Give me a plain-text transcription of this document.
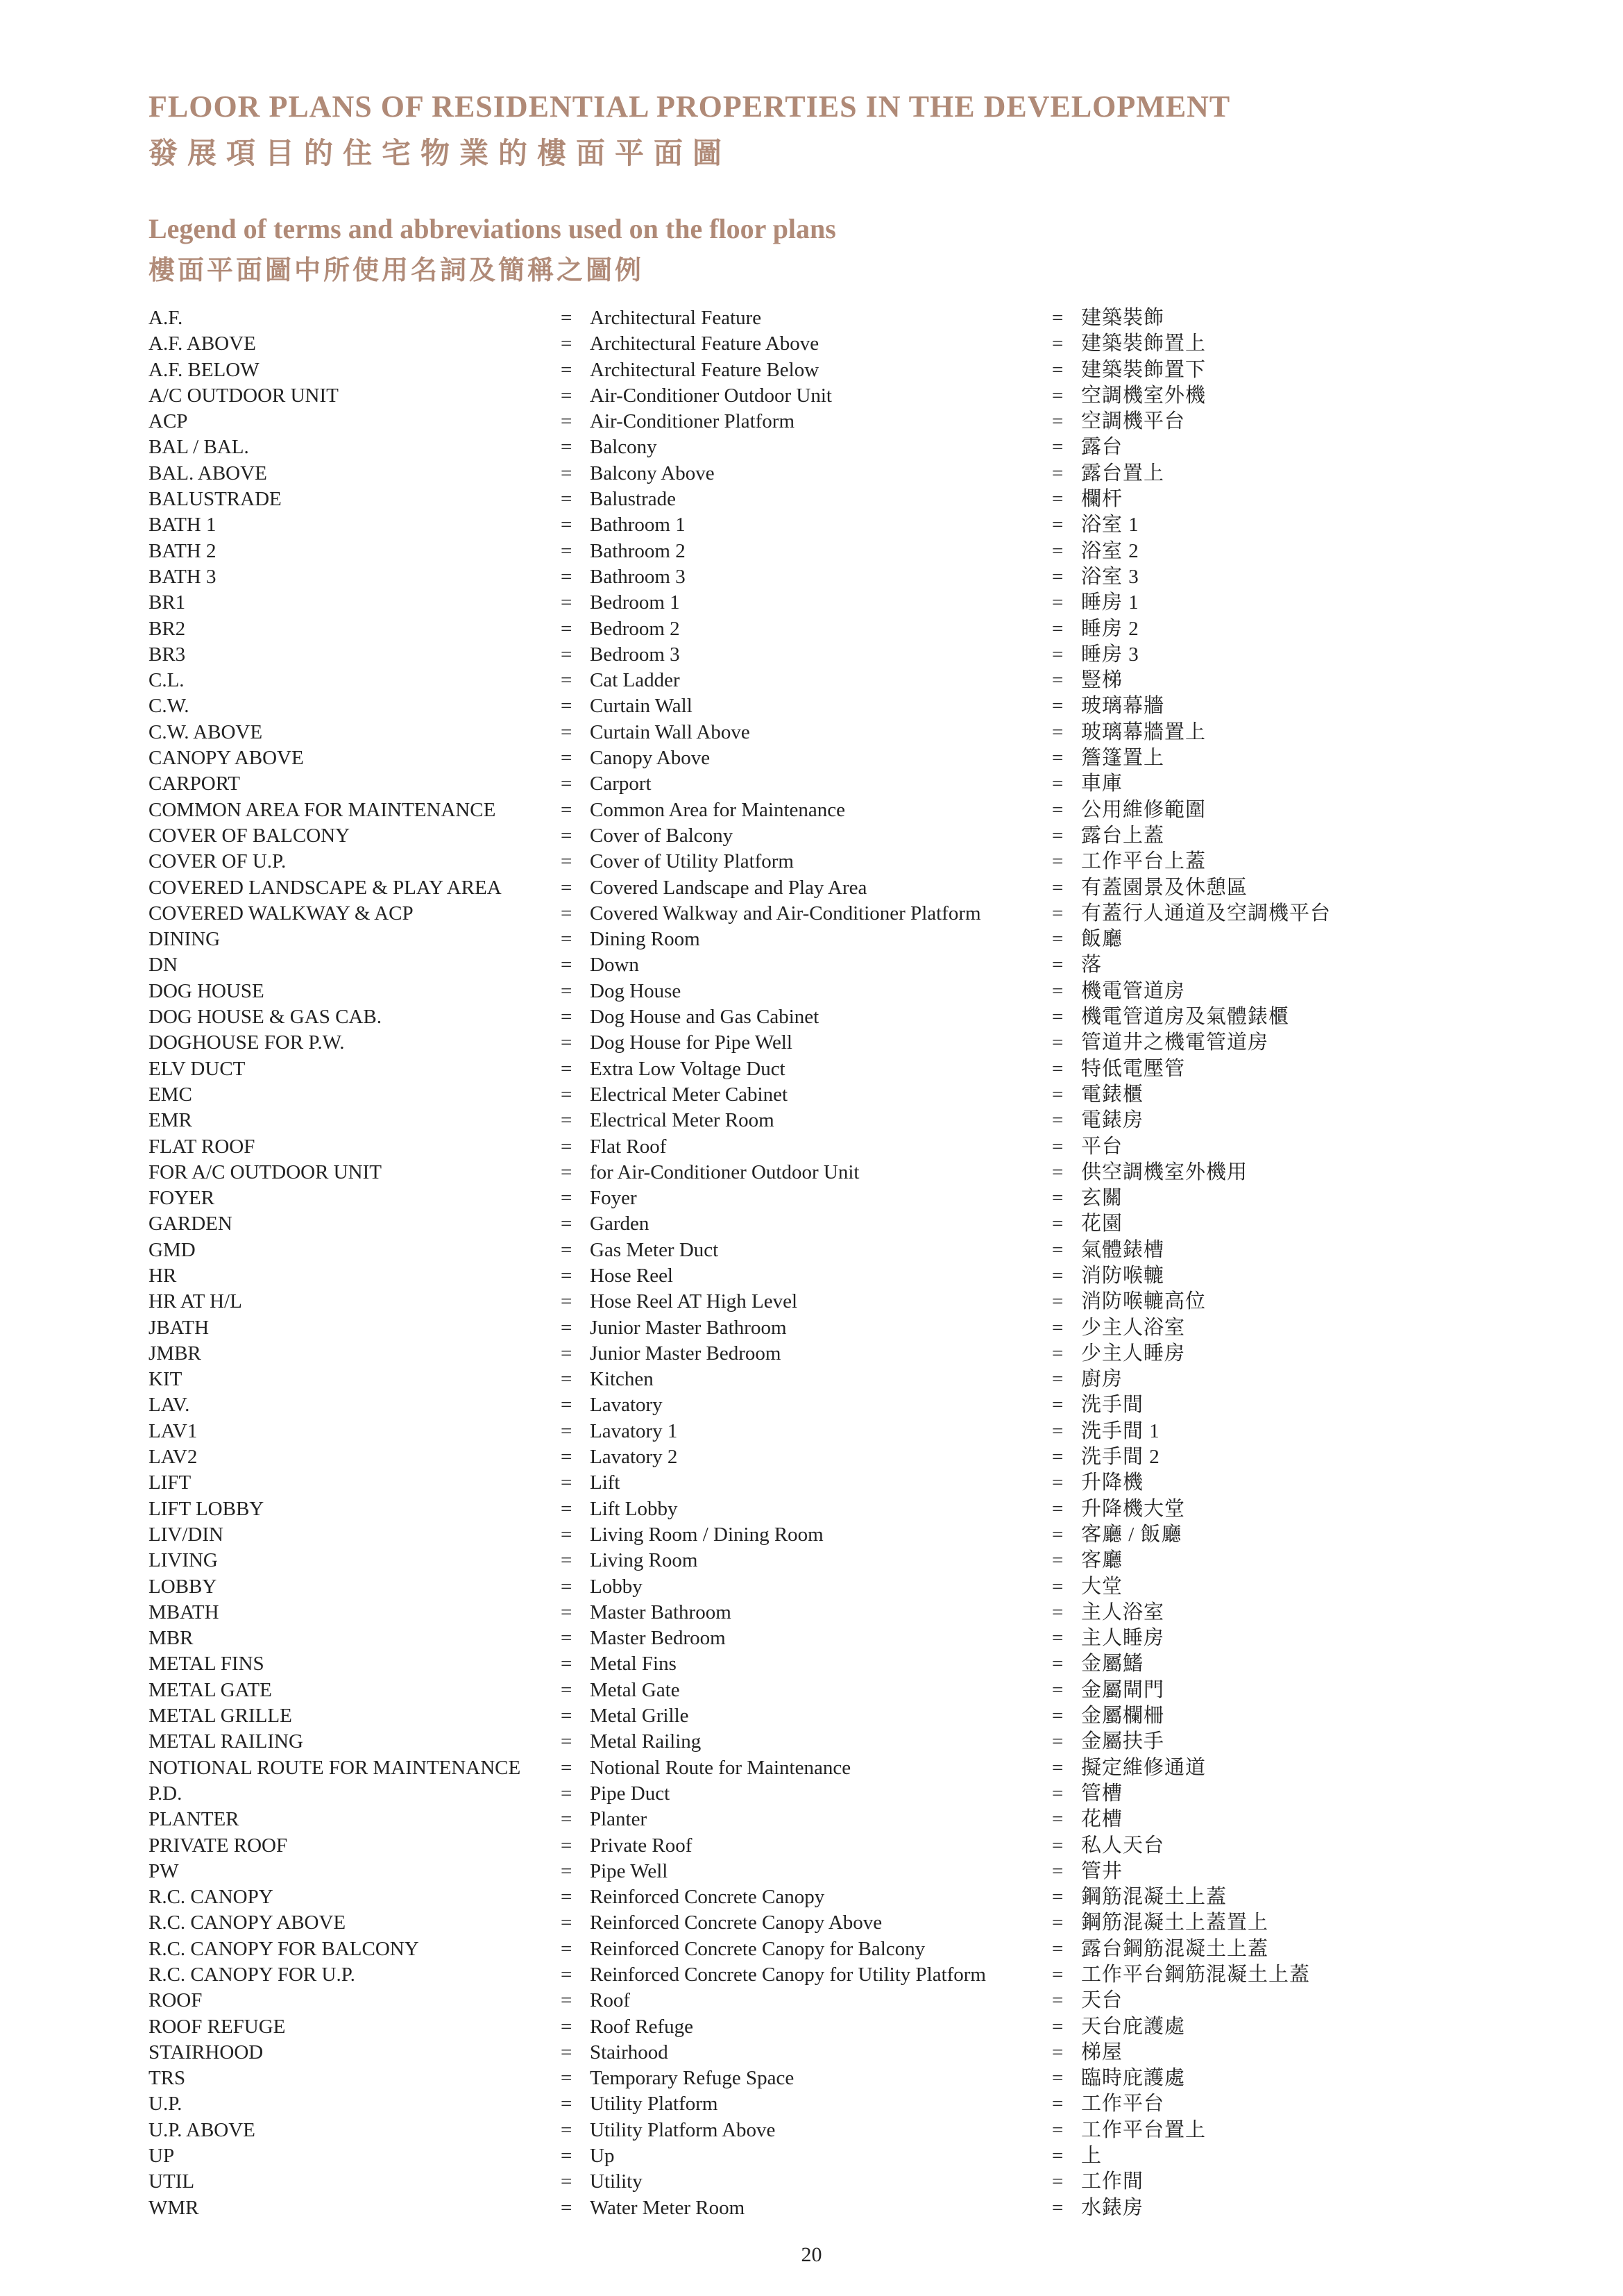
FLOOR PLANS OF RESIDENTIAL PROPERTIES IN THE DEVELOPMENT
發展項目的住宅物業的樓面平面圖
Legend of terms and abbreviations used on the floor plans
樓面平面圖中所使用名詞及簡稱之圖例
A.F.	= Architectural Feature	= 建築裝飾
A.F. ABOVE	= Architectural Feature Above	= 建築裝飾置上
A.F. BELOW	= Architectural Feature Below	= 建築裝飾置下
A/C OUTDOOR UNIT	= Air-Conditioner Outdoor Unit	= 空調機室外機
ACP	= Air-Conditioner Platform	= 空調機平台
BAL / BAL.	= Balcony	= 露台
BAL. ABOVE	= Balcony Above	= 露台置上
BALUSTRADE	= Balustrade	= 欄杆
BATH 1	= Bathroom 1	= 浴室 1
BATH 2	= Bathroom 2	= 浴室 2
BATH 3	= Bathroom 3	= 浴室 3
BR1	= Bedroom 1	= 睡房 1
BR2	= Bedroom 2	= 睡房 2
BR3	= Bedroom 3	= 睡房 3
C.L.	= Cat Ladder	= 豎梯
C.W.	= Curtain Wall	= 玻璃幕牆
C.W. ABOVE	= Curtain Wall Above	= 玻璃幕牆置上
CANOPY ABOVE	= Canopy Above	= 簷篷置上
CARPORT	= Carport	= 車庫
COMMON AREA FOR MAINTENANCE	= Common Area for Maintenance	= 公用維修範圍
COVER OF BALCONY	= Cover of Balcony	= 露台上蓋
COVER OF U.P.	= Cover of Utility Platform	= 工作平台上蓋
COVERED LANDSCAPE & PLAY AREA	= Covered Landscape and Play Area	= 有蓋園景及休憩區
COVERED WALKWAY & ACP	= Covered Walkway and Air-Conditioner Platform	= 有蓋行人通道及空調機平台
DINING	= Dining Room	= 飯廳
DN	= Down	= 落
DOG HOUSE	= Dog House	= 機電管道房
DOG HOUSE & GAS CAB.	= Dog House and Gas Cabinet	= 機電管道房及氣體錶櫃
DOGHOUSE FOR P.W.	= Dog House for Pipe Well	= 管道井之機電管道房
ELV DUCT	= Extra Low Voltage Duct	= 特低電壓管
EMC	= Electrical Meter Cabinet	= 電錶櫃
EMR	= Electrical Meter Room	= 電錶房
FLAT ROOF	= Flat Roof	= 平台
FOR A/C OUTDOOR UNIT	= for Air-Conditioner Outdoor Unit	= 供空調機室外機用
FOYER	= Foyer	= 玄關
GARDEN	= Garden	= 花園
GMD	= Gas Meter Duct	= 氣體錶槽
HR	= Hose Reel	= 消防喉轆
HR AT H/L	= Hose Reel AT High Level	= 消防喉轆高位
JBATH	= Junior Master Bathroom	= 少主人浴室
JMBR	= Junior Master Bedroom	= 少主人睡房
KIT	= Kitchen	= 廚房
LAV.	= Lavatory	= 洗手間
LAV1	= Lavatory 1	= 洗手間 1
LAV2	= Lavatory 2	= 洗手間 2
LIFT	= Lift	= 升降機
LIFT LOBBY	= Lift Lobby	= 升降機大堂
LIV/DIN	= Living Room / Dining Room	= 客廳 / 飯廳
LIVING	= Living Room	= 客廳
LOBBY	= Lobby	= 大堂
MBATH	= Master Bathroom	= 主人浴室
MBR	= Master Bedroom	= 主人睡房
METAL FINS	= Metal Fins	= 金屬鰭
METAL GATE	= Metal Gate	= 金屬閘門
METAL GRILLE	= Metal Grille	= 金屬欄柵
METAL RAILING	= Metal Railing	= 金屬扶手
NOTIONAL ROUTE FOR MAINTENANCE = Notional Route for Maintenance	= 擬定維修通道
P.D.	= Pipe Duct	= 管槽
PLANTER	= Planter	= 花槽
PRIVATE ROOF	= Private Roof	= 私人天台
PW	= Pipe Well	= 管井
R.C. CANOPY	= Reinforced Concrete Canopy	= 鋼筋混凝土上蓋
R.C. CANOPY ABOVE	= Reinforced Concrete Canopy Above	= 鋼筋混凝土上蓋置上
R.C. CANOPY FOR BALCONY	= Reinforced Concrete Canopy for Balcony	= 露台鋼筋混凝土上蓋
R.C. CANOPY FOR U.P.	= Reinforced Concrete Canopy for Utility Platform	= 工作平台鋼筋混凝土上蓋
ROOF	= Roof	= 天台
ROOF REFUGE	= Roof Refuge	= 天台庇護處
STAIRHOOD	= Stairhood	= 梯屋
TRS	= Temporary Refuge Space	= 臨時庇護處
U.P.	= Utility Platform	= 工作平台
U.P. ABOVE	= Utility Platform Above	= 工作平台置上
UP	= Up	= 上
UTIL	= Utility	= 工作間
WMR	= Water Meter Room	= 水錶房
20
